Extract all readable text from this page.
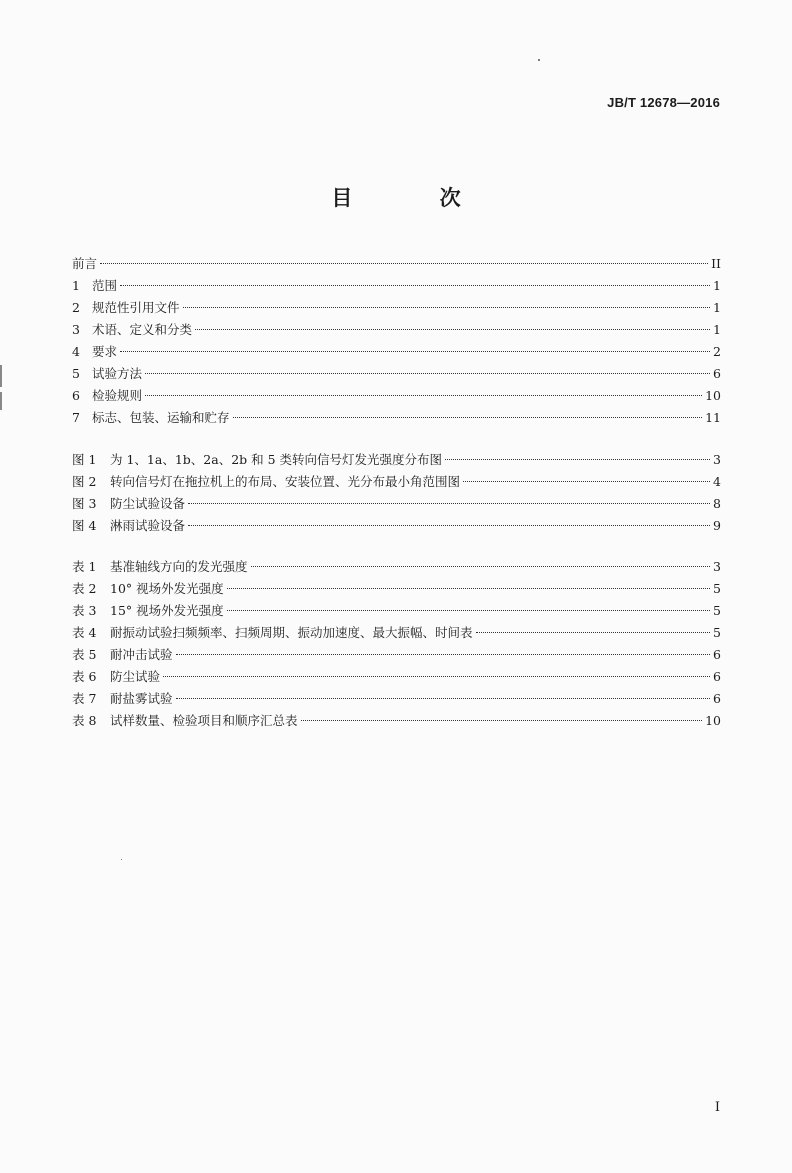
JB/T 12678—2016
目 次
前言	II
1 范围	1
2 规范性引用文件	1
3 术语、定义和分类	1
4 要求	2
5 试验方法	6
6 检验规则	10
7 标志、包装、运输和贮存	11
图 1	为 1、1a、1b、2a、2b 和 5 类转向信号灯发光强度分布图	3
图 2	转向信号灯在拖拉机上的布局、安装位置、光分布最小角范围图	4
图 3	防尘试验设备	8
图 4	淋雨试验设备	9
表 1	基准轴线方向的发光强度	3
表 2	10° 视场外发光强度	5
表 3	15° 视场外发光强度	5
表 4	耐振动试验扫频频率、扫频周期、振动加速度、最大振幅、时间表	5
表 5	耐冲击试验	6
表 6	防尘试验	6
表 7	耐盐雾试验	6
表 8	试样数量、检验项目和顺序汇总表	10
I
